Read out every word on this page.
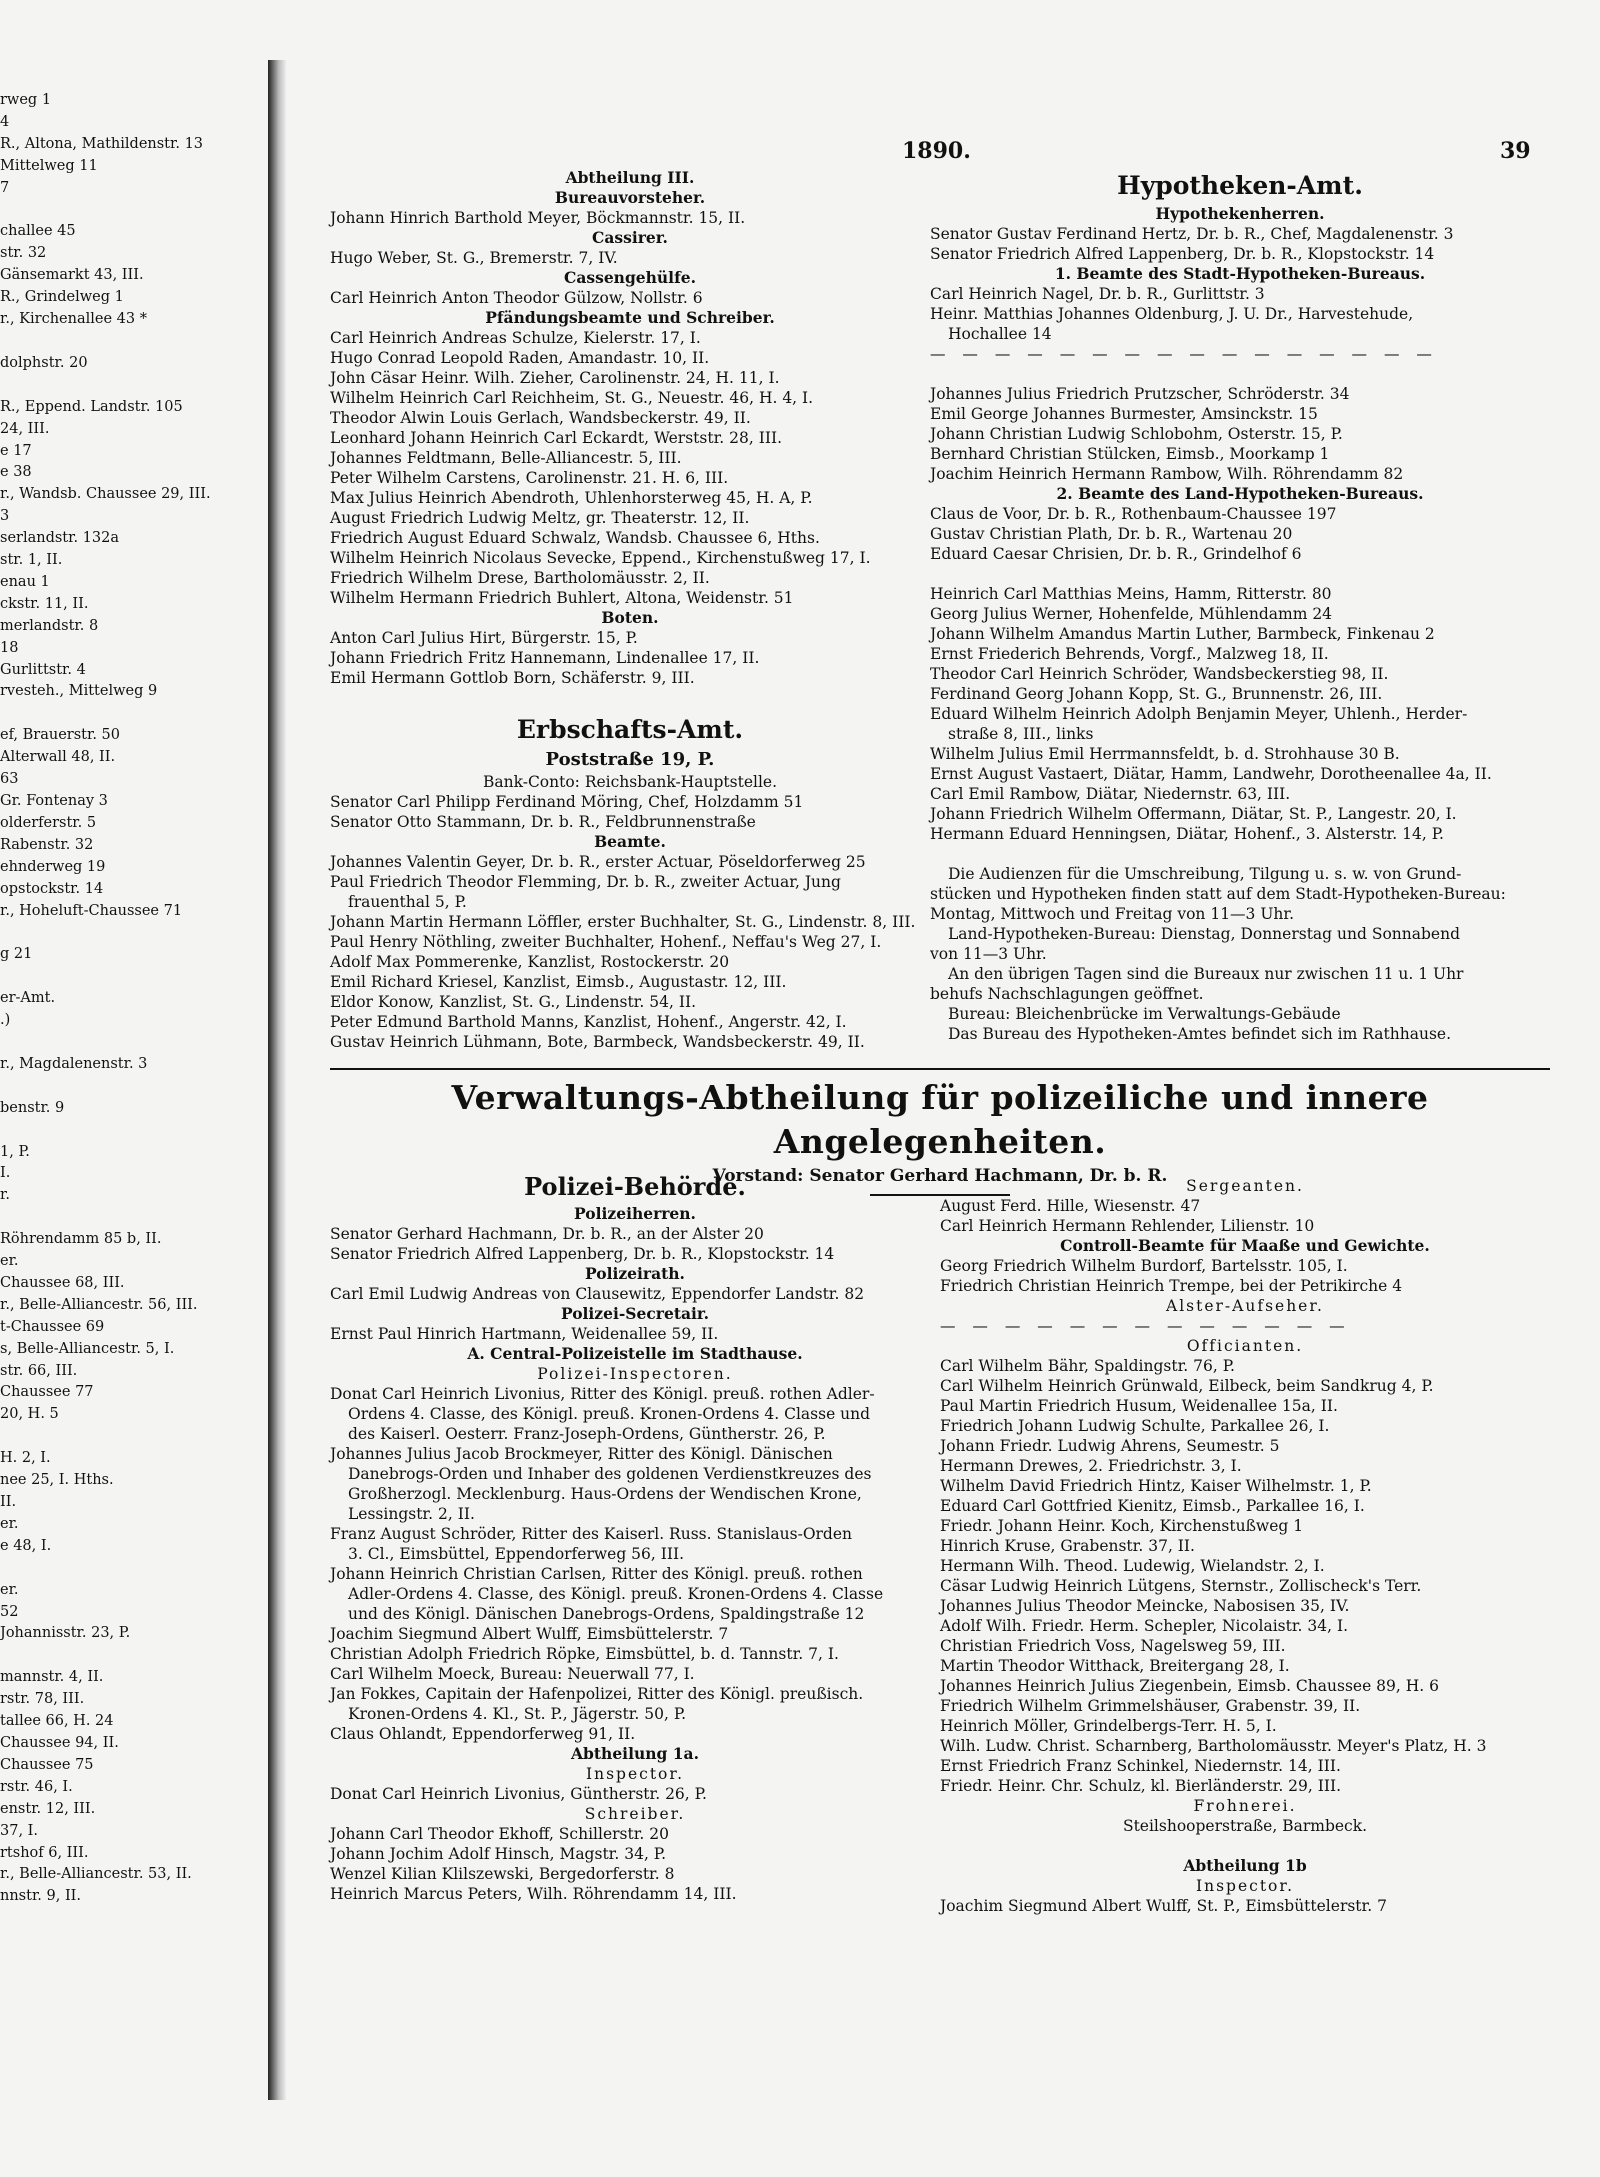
rweg 1
4
R., Altona, Mathildenstr. 13
Mittelweg 11
7

challee 45
str. 32
Gänsemarkt 43, III.
R., Grindelweg 1
r., Kirchenallee 43 *

dolphstr. 20

R., Eppend. Landstr. 105
24, III.
e 17
e 38
r., Wandsb. Chaussee 29, III.
3
serlandstr. 132a
str. 1, II.
enau 1
ckstr. 11, II.
merlandstr. 8
18
Gurlittstr. 4
rvesteh., Mittelweg 9

ef, Brauerstr. 50
Alterwall 48, II.
63
Gr. Fontenay 3
olderferstr. 5
Rabenstr. 32
ehnderweg 19
opstockstr. 14
r., Hoheluft-Chaussee 71

g 21

er-Amt.
.)

r., Magdalenenstr. 3

benstr. 9

1, P.
I.
r.

Röhrendamm 85 b, II.
er.
Chaussee 68, III.
r., Belle-Alliancestr. 56, III.
t-Chaussee 69
s, Belle-Alliancestr. 5, I.
str. 66, III.
Chaussee 77
20, H. 5

H. 2, I.
nee 25, I. Hths.
II.
er.
e 48, I.

er.
52
Johannisstr. 23, P.

mannstr. 4, II.
rstr. 78, III.
tallee 66, H. 24
Chaussee 94, II.
Chaussee 75
rstr. 46, I.
enstr. 12, III.
37, I.
rtshof 6, III.
r., Belle-Alliancestr. 53, II.
nnstr. 9, II.
1890.	39
Abtheilung III.
Bureauvorsteher.
Johann Hinrich Barthold Meyer, Böckmannstr. 15, II.
Cassirer.
Hugo Weber, St. G., Bremerstr. 7, IV.
Cassengehülfe.
Carl Heinrich Anton Theodor Gülzow, Nollstr. 6
Pfändungsbeamte und Schreiber.
Carl Heinrich Andreas Schulze, Kielerstr. 17, I.
Hugo Conrad Leopold Raden, Amandastr. 10, II.
John Cäsar Heinr. Wilh. Zieher, Carolinenstr. 24, H. 11, I.
Wilhelm Heinrich Carl Reichheim, St. G., Neuestr. 46, H. 4, I.
Theodor Alwin Louis Gerlach, Wandsbeckerstr. 49, II.
Leonhard Johann Heinrich Carl Eckardt, Werststr. 28, III.
Johannes Feldtmann, Belle-Alliancestr. 5, III.
Peter Wilhelm Carstens, Carolinenstr. 21. H. 6, III.
Max Julius Heinrich Abendroth, Uhlenhorsterweg 45, H. A, P.
August Friedrich Ludwig Meltz, gr. Theaterstr. 12, II.
Friedrich August Eduard Schwalz, Wandsb. Chaussee 6, Hths.
Wilhelm Heinrich Nicolaus Sevecke, Eppend., Kirchenstußweg 17, I.
Friedrich Wilhelm Drese, Bartholomäusstr. 2, II.
Wilhelm Hermann Friedrich Buhlert, Altona, Weidenstr. 51
Boten.
Anton Carl Julius Hirt, Bürgerstr. 15, P.
Johann Friedrich Fritz Hannemann, Lindenallee 17, II.
Emil Hermann Gottlob Born, Schäferstr. 9, III.
Erbschafts-Amt.
Poststraße 19, P.
Bank-Conto: Reichsbank-Hauptstelle.
Senator Carl Philipp Ferdinand Möring, Chef, Holzdamm 51
Senator Otto Stammann, Dr. b. R., Feldbrunnenstraße
Beamte.
Johannes Valentin Geyer, Dr. b. R., erster Actuar, Pöseldorferweg 25
Paul Friedrich Theodor Flemming, Dr. b. R., zweiter Actuar, Jung
frauenthal 5, P.
Johann Martin Hermann Löffler, erster Buchhalter, St. G., Lindenstr. 8, III.
Paul Henry Nöthling, zweiter Buchhalter, Hohenf., Neffau's Weg 27, I.
Adolf Max Pommerenke, Kanzlist, Rostockerstr. 20
Emil Richard Kriesel, Kanzlist, Eimsb., Augustastr. 12, III.
Eldor Konow, Kanzlist, St. G., Lindenstr. 54, II.
Peter Edmund Barthold Manns, Kanzlist, Hohenf., Angerstr. 42, I.
Gustav Heinrich Lühmann, Bote, Barmbeck, Wandsbeckerstr. 49, II.
Hypotheken-Amt.
Hypothekenherren.
Senator Gustav Ferdinand Hertz, Dr. b. R., Chef, Magdalenenstr. 3
Senator Friedrich Alfred Lappenberg, Dr. b. R., Klopstockstr. 14
1. Beamte des Stadt-Hypotheken-Bureaus.
Carl Heinrich Nagel, Dr. b. R., Gurlittstr. 3
Heinr. Matthias Johannes Oldenburg, J. U. Dr., Harvestehude,
Hochallee 14
— — — — — — — — — — — — — — — —

Johannes Julius Friedrich Prutzscher, Schröderstr. 34
Emil George Johannes Burmester, Amsinckstr. 15
Johann Christian Ludwig Schlobohm, Osterstr. 15, P.
Bernhard Christian Stülcken, Eimsb., Moorkamp 1
Joachim Heinrich Hermann Rambow, Wilh. Röhrendamm 82
2. Beamte des Land-Hypotheken-Bureaus.
Claus de Voor, Dr. b. R., Rothenbaum-Chaussee 197
Gustav Christian Plath, Dr. b. R., Wartenau 20
Eduard Caesar Chrisien, Dr. b. R., Grindelhof 6

Heinrich Carl Matthias Meins, Hamm, Ritterstr. 80
Georg Julius Werner, Hohenfelde, Mühlendamm 24
Johann Wilhelm Amandus Martin Luther, Barmbeck, Finkenau 2
Ernst Friederich Behrends, Vorgf., Malzweg 18, II.
Theodor Carl Heinrich Schröder, Wandsbeckerstieg 98, II.
Ferdinand Georg Johann Kopp, St. G., Brunnenstr. 26, III.
Eduard Wilhelm Heinrich Adolph Benjamin Meyer, Uhlenh., Herder-
straße 8, III., links
Wilhelm Julius Emil Herrmannsfeldt, b. d. Strohhause 30 B.
Ernst August Vastaert, Diätar, Hamm, Landwehr, Dorotheenallee 4a, II.
Carl Emil Rambow, Diätar, Niedernstr. 63, III.
Johann Friedrich Wilhelm Offermann, Diätar, St. P., Langestr. 20, I.
Hermann Eduard Henningsen, Diätar, Hohenf., 3. Alsterstr. 14, P.

Die Audienzen für die Umschreibung, Tilgung u. s. w. von Grund-
stücken und Hypotheken finden statt auf dem Stadt-Hypotheken-Bureau:
Montag, Mittwoch und Freitag von 11—3 Uhr.
Land-Hypotheken-Bureau: Dienstag, Donnerstag und Sonnabend
von 11—3 Uhr.
An den übrigen Tagen sind die Bureaux nur zwischen 11 u. 1 Uhr
behufs Nachschlagungen geöffnet.
Bureau: Bleichenbrücke im Verwaltungs-Gebäude
Das Bureau des Hypotheken-Amtes befindet sich im Rathhause.
Verwaltungs-Abtheilung für polizeiliche und innere Angelegenheiten.
Vorstand: Senator Gerhard Hachmann, Dr. b. R.
Polizei-Behörde.
Polizeiherren.
Senator Gerhard Hachmann, Dr. b. R., an der Alster 20
Senator Friedrich Alfred Lappenberg, Dr. b. R., Klopstockstr. 14
Polizeirath.
Carl Emil Ludwig Andreas von Clausewitz, Eppendorfer Landstr. 82
Polizei-Secretair.
Ernst Paul Hinrich Hartmann, Weidenallee 59, II.
A. Central-Polizeistelle im Stadthause.
Polizei-Inspectoren.
Donat Carl Heinrich Livonius, Ritter des Königl. preuß. rothen Adler-
Ordens 4. Classe, des Königl. preuß. Kronen-Ordens 4. Classe und
des Kaiserl. Oesterr. Franz-Joseph-Ordens, Güntherstr. 26, P.
Johannes Julius Jacob Brockmeyer, Ritter des Königl. Dänischen
Danebrogs-Orden und Inhaber des goldenen Verdienstkreuzes des
Großherzogl. Mecklenburg. Haus-Ordens der Wendischen Krone,
Lessingstr. 2, II.
Franz August Schröder, Ritter des Kaiserl. Russ. Stanislaus-Orden
3. Cl., Eimsbüttel, Eppendorferweg 56, III.
Johann Heinrich Christian Carlsen, Ritter des Königl. preuß. rothen
Adler-Ordens 4. Classe, des Königl. preuß. Kronen-Ordens 4. Classe
und des Königl. Dänischen Danebrogs-Ordens, Spaldingstraße 12
Joachim Siegmund Albert Wulff, Eimsbüttelerstr. 7
Christian Adolph Friedrich Röpke, Eimsbüttel, b. d. Tannstr. 7, I.
Carl Wilhelm Moeck, Bureau: Neuerwall 77, I.
Jan Fokkes, Capitain der Hafenpolizei, Ritter des Königl. preußisch.
Kronen-Ordens 4. Kl., St. P., Jägerstr. 50, P.
Claus Ohlandt, Eppendorferweg 91, II.
Abtheilung 1a.
Inspector.
Donat Carl Heinrich Livonius, Güntherstr. 26, P.
Schreiber.
Johann Carl Theodor Ekhoff, Schillerstr. 20
Johann Jochim Adolf Hinsch, Magstr. 34, P.
Wenzel Kilian Klilszewski, Bergedorferstr. 8
Heinrich Marcus Peters, Wilh. Röhrendamm 14, III.
Sergeanten.
August Ferd. Hille, Wiesenstr. 47
Carl Heinrich Hermann Rehlender, Lilienstr. 10
Controll-Beamte für Maaße und Gewichte.
Georg Friedrich Wilhelm Burdorf, Bartelsstr. 105, I.
Friedrich Christian Heinrich Trempe, bei der Petrikirche 4
Alster-Aufseher.
— — — — — — — — — — — — —
Officianten.
Carl Wilhelm Bähr, Spaldingstr. 76, P.
Carl Wilhelm Heinrich Grünwald, Eilbeck, beim Sandkrug 4, P.
Paul Martin Friedrich Husum, Weidenallee 15a, II.
Friedrich Johann Ludwig Schulte, Parkallee 26, I.
Johann Friedr. Ludwig Ahrens, Seumestr. 5
Hermann Drewes, 2. Friedrichstr. 3, I.
Wilhelm David Friedrich Hintz, Kaiser Wilhelmstr. 1, P.
Eduard Carl Gottfried Kienitz, Eimsb., Parkallee 16, I.
Friedr. Johann Heinr. Koch, Kirchenstußweg 1
Hinrich Kruse, Grabenstr. 37, II.
Hermann Wilh. Theod. Ludewig, Wielandstr. 2, I.
Cäsar Ludwig Heinrich Lütgens, Sternstr., Zollischeck's Terr.
Johannes Julius Theodor Meincke, Nabosisen 35, IV.
Adolf Wilh. Friedr. Herm. Schepler, Nicolaistr. 34, I.
Christian Friedrich Voss, Nagelsweg 59, III.
Martin Theodor Witthack, Breitergang 28, I.
Johannes Heinrich Julius Ziegenbein, Eimsb. Chaussee 89, H. 6
Friedrich Wilhelm Grimmelshäuser, Grabenstr. 39, II.
Heinrich Möller, Grindelbergs-Terr. H. 5, I.
Wilh. Ludw. Christ. Scharnberg, Bartholomäusstr. Meyer's Platz, H. 3
Ernst Friedrich Franz Schinkel, Niedernstr. 14, III.
Friedr. Heinr. Chr. Schulz, kl. Bierländerstr. 29, III.
Frohnerei.
Steilshooperstraße, Barmbeck.

Abtheilung 1b
Inspector.
Joachim Siegmund Albert Wulff, St. P., Eimsbüttelerstr. 7
